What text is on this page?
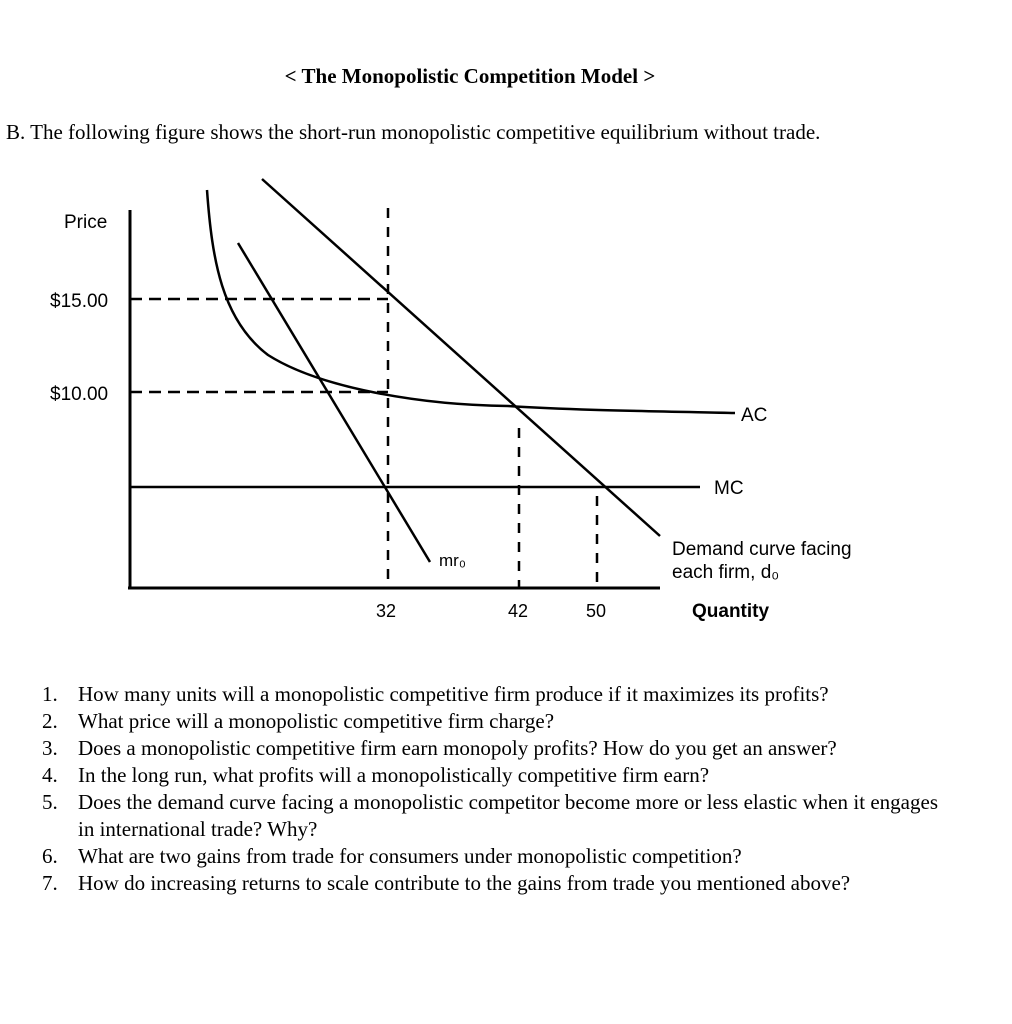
< The Monopolistic Competition Model >
B. The following figure shows the short-run monopolistic competitive equilibrium without trade.
Price
$15.00
$10.00
32	42	50	Quantity
AC
MC
mr₀
Demand curve facing
each firm, d₀
1. How many units will a monopolistic competitive firm produce if it maximizes its profits?
2. What price will a monopolistic competitive firm charge?
3. Does a monopolistic competitive firm earn monopoly profits? How do you get an answer?
4. In the long run, what profits will a monopolistically competitive firm earn?
5. Does the demand curve facing a monopolistic competitor become more or less elastic when it engages in international trade? Why?
6. What are two gains from trade for consumers under monopolistic competition?
7. How do increasing returns to scale contribute to the gains from trade you mentioned above?
